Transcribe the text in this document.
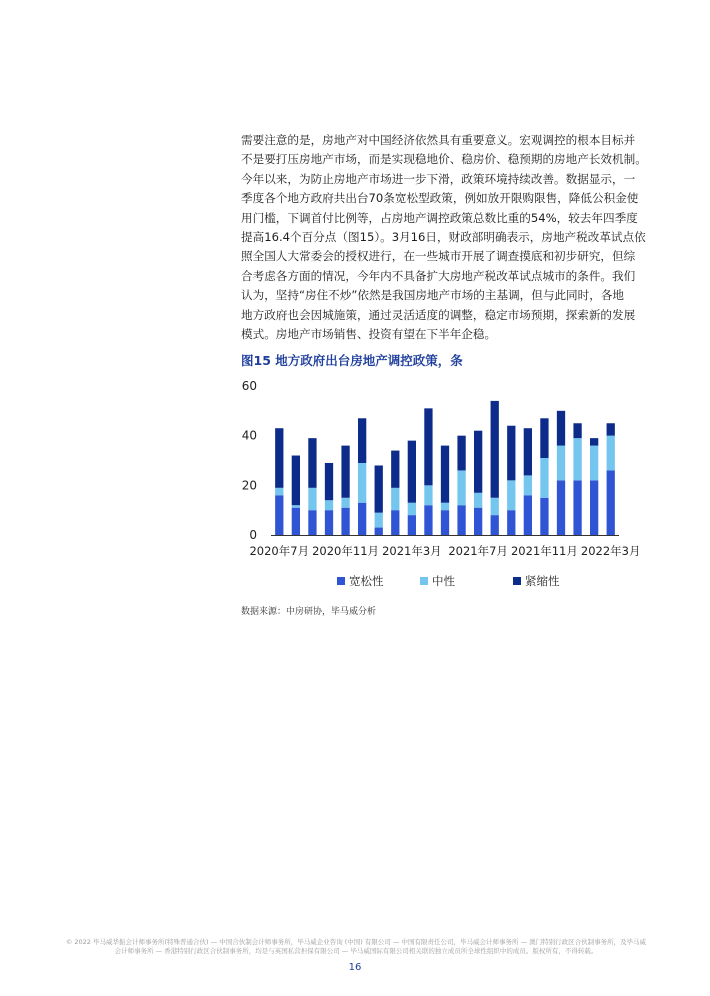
需要注意的是，房地产对中国经济依然具有重要意义。宏观调控的根本目标并
不是要打压房地产市场，而是实现稳地价、稳房价、稳预期的房地产长效机制。
今年以来，为防止房地产市场进一步下滑，政策环境持续改善。数据显示，一
季度各个地方政府共出台70条宽松型政策，例如放开限购限售，降低公积金使
用门槛，下调首付比例等，占房地产调控政策总数比重的54%，较去年四季度
提高16.4个百分点（图15）。3月16日，财政部明确表示，房地产税改革试点依
照全国人大常委会的授权进行，在一些城市开展了调查摸底和初步研究，但综
合考虑各方面的情况，今年内不具备扩大房地产税改革试点城市的条件。我们
认为，坚持“房住不炒”依然是我国房地产市场的主基调，但与此同时，各地
地方政府也会因城施策，通过灵活适度的调整，稳定市场预期，探索新的发展
模式。房地产市场销售、投资有望在下半年企稳。

图15 地方政府出台房地产调控政策，条
0
20
40
60
2020年7月 2020年11月 2021年3月 2021年7月 2021年11月 2022年3月
宽松性	中性	紧缩性
数据来源：中房研协，毕马威分析
© 2022 毕马威华振会计师事务所(特殊普通合伙) — 中国合伙制会计师事务所，毕马威企业咨询 (中国) 有限公司 — 中国有限责任公司，毕马威会计师事务所 — 澳门特别行政区合伙制事务所，及毕马威会计师事务所 — 香港特别行政区合伙制事务所，均是与英国私营担保有限公司 — 毕马威国际有限公司相关联的独立成员所全球性组织中的成员。版权所有，不得转载。
16
